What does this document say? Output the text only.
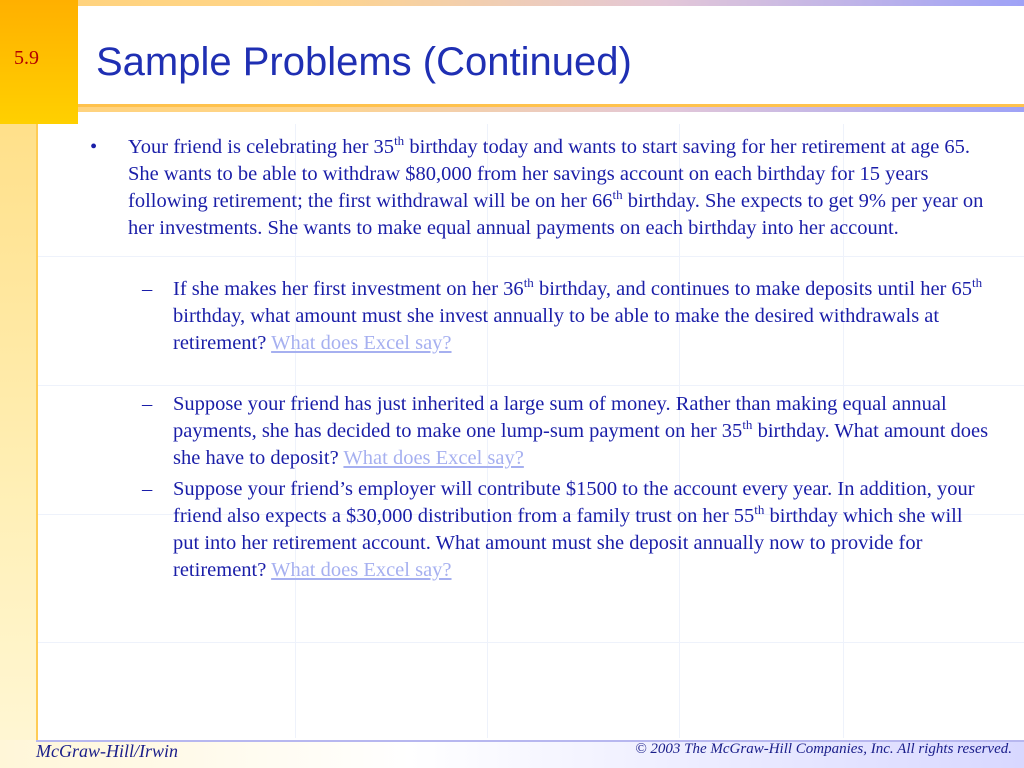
5.9 Sample Problems (Continued)

• Your friend is celebrating her 35th birthday today and wants to start saving for her retirement at age 65. She wants to be able to withdraw $80,000 from her savings account on each birthday for 15 years following retirement; the first withdrawal will be on her 66th birthday. She expects to get 9% per year on her investments. She wants to make equal annual payments on each birthday into her account.

– If she makes her first investment on her 36th birthday, and continues to make deposits until her 65th birthday, what amount must she invest annually to be able to make the desired withdrawals at retirement? What does Excel say?

– Suppose your friend has just inherited a large sum of money. Rather than making equal annual payments, she has decided to make one lump-sum payment on her 35th birthday. What amount does she have to deposit? What does Excel say?

– Suppose your friend’s employer will contribute $1500 to the account every year. In addition, your friend also expects a $30,000 distribution from a family trust on her 55th birthday which she will put into her retirement account. What amount must she deposit annually now to provide for retirement? What does Excel say?

McGraw-Hill/Irwin	© 2003 The McGraw-Hill Companies, Inc. All rights reserved.
